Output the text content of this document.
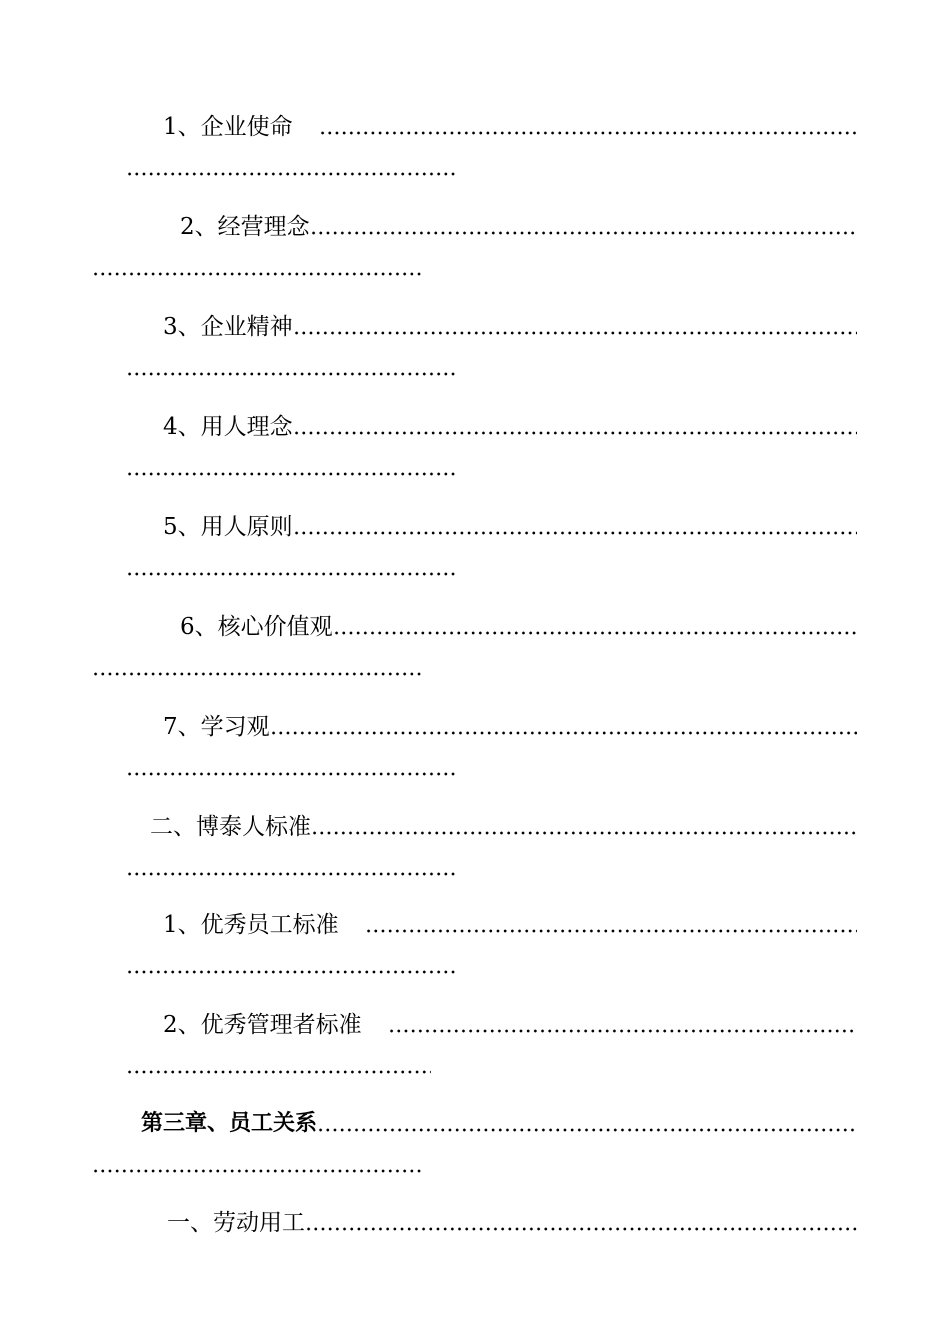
1、企业使命
2、经营理念
3、企业精神
4、用人理念
5、用人原则
6、核心价值观
7、学习观
二、博泰人标准
1、优秀员工标准
2、优秀管理者标准
第三章、员工关系
一、劳动用工
